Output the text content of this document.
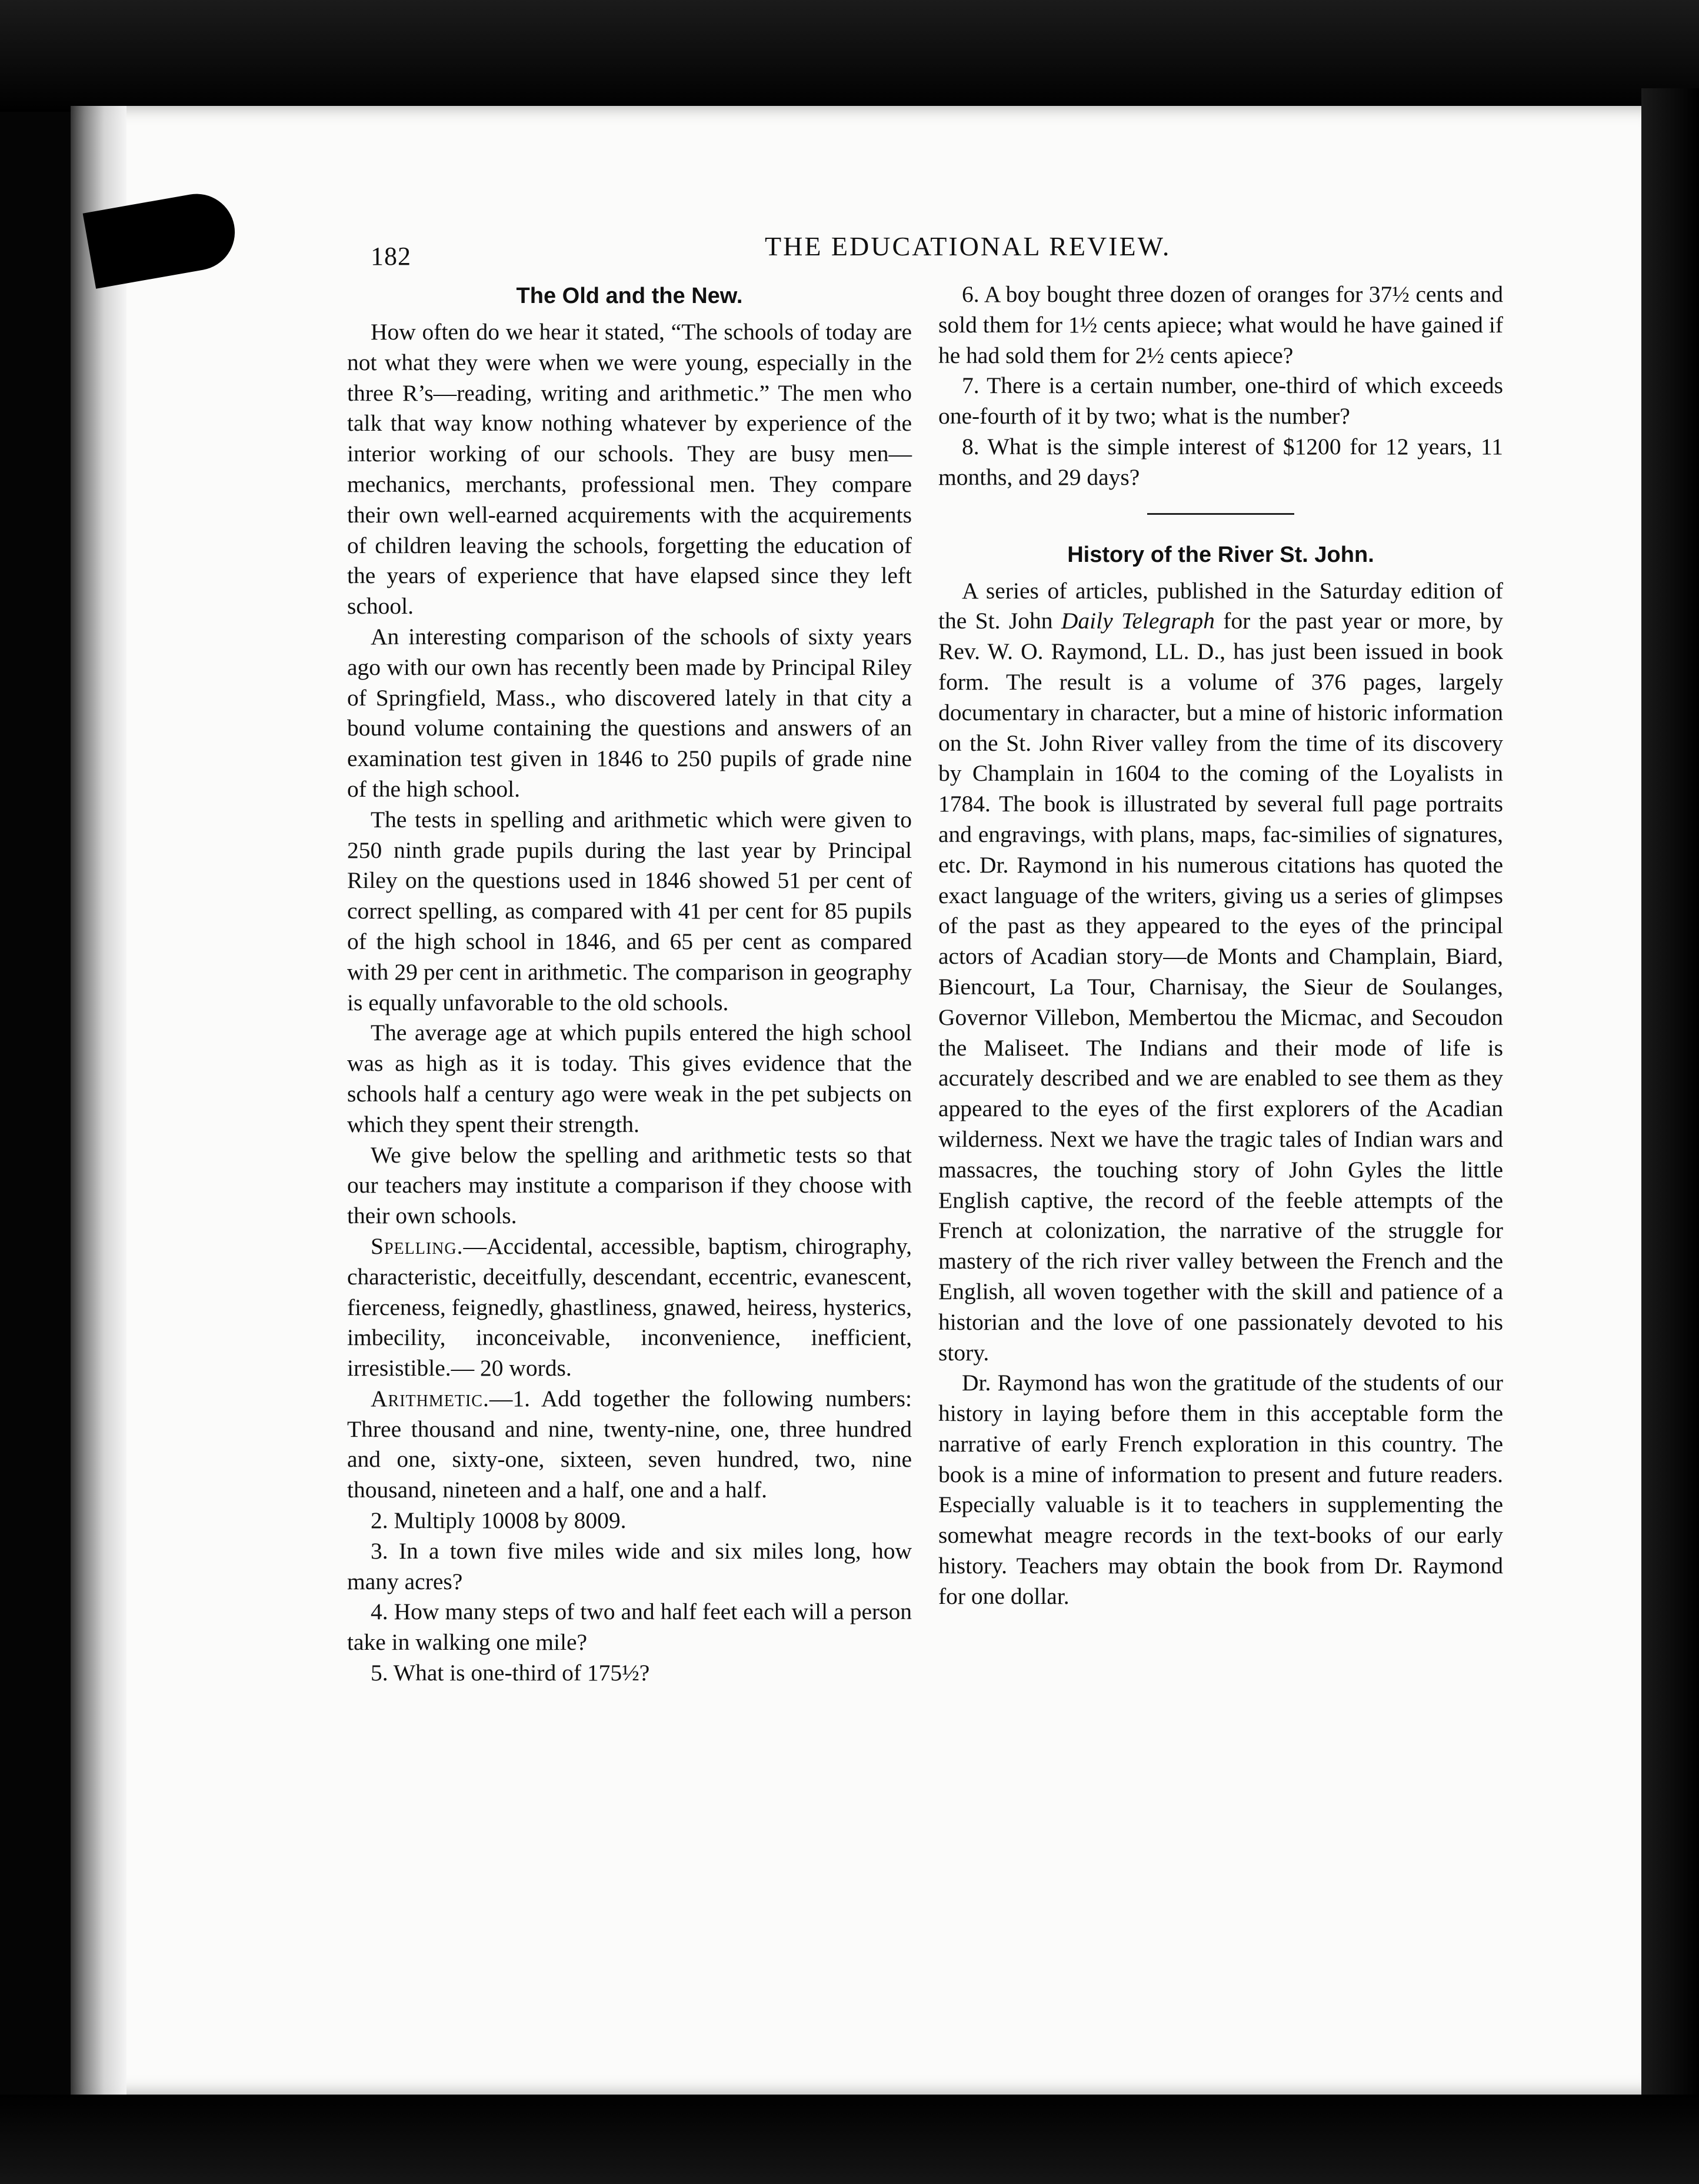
182	THE EDUCATIONAL REVIEW.
The Old and the New.

How often do we hear it stated, “The schools of today are not what they were when we were young, especially in the three R’s—reading, writing and arithmetic.” The men who talk that way know nothing whatever by experience of the interior working of our schools. They are busy men—mechanics, merchants, professional men. They compare their own well-earned acquirements with the acquirements of children leaving the schools, forgetting the education of the years of experience that have elapsed since they left school.

An interesting comparison of the schools of sixty years ago with our own has recently been made by Principal Riley of Springfield, Mass., who discovered lately in that city a bound volume containing the questions and answers of an examination test given in 1846 to 250 pupils of grade nine of the high school.

The tests in spelling and arithmetic which were given to 250 ninth grade pupils during the last year by Principal Riley on the questions used in 1846 showed 51 per cent of correct spelling, as compared with 41 per cent for 85 pupils of the high school in 1846, and 65 per cent as compared with 29 per cent in arithmetic. The comparison in geography is equally unfavorable to the old schools.

The average age at which pupils entered the high school was as high as it is today. This gives evidence that the schools half a century ago were weak in the pet subjects on which they spent their strength.

We give below the spelling and arithmetic tests so that our teachers may institute a comparison if they choose with their own schools.

Spelling.—Accidental, accessible, baptism, chirography, characteristic, deceitfully, descendant, eccentric, evanescent, fierceness, feignedly, ghastliness, gnawed, heiress, hysterics, imbecility, inconceivable, inconvenience, inefficient, irresistible.— 20 words.

Arithmetic.—1. Add together the following numbers: Three thousand and nine, twenty-nine, one, three hundred and one, sixty-one, sixteen, seven hundred, two, nine thousand, nineteen and a half, one and a half.

2. Multiply 10008 by 8009.

3. In a town five miles wide and six miles long, how many acres?

4. How many steps of two and half feet each will a person take in walking one mile?

5. What is one-third of 175½?

6. A boy bought three dozen of oranges for 37½ cents and sold them for 1½ cents apiece; what would he have gained if he had sold them for 2½ cents apiece?

7. There is a certain number, one-third of which exceeds one-fourth of it by two; what is the number?

8. What is the simple interest of $1200 for 12 years, 11 months, and 29 days?

History of the River St. John.

A series of articles, published in the Saturday edition of the St. John Daily Telegraph for the past year or more, by Rev. W. O. Raymond, LL. D., has just been issued in book form. The result is a volume of 376 pages, largely documentary in character, but a mine of historic information on the St. John River valley from the time of its discovery by Champlain in 1604 to the coming of the Loyalists in 1784. The book is illustrated by several full page portraits and engravings, with plans, maps, fac-similies of signatures, etc. Dr. Raymond in his numerous citations has quoted the exact language of the writers, giving us a series of glimpses of the past as they appeared to the eyes of the principal actors of Acadian story—de Monts and Champlain, Biard, Biencourt, La Tour, Charnisay, the Sieur de Soulanges, Governor Villebon, Membertou the Micmac, and Secoudon the Maliseet. The Indians and their mode of life is accurately described and we are enabled to see them as they appeared to the eyes of the first explorers of the Acadian wilderness. Next we have the tragic tales of Indian wars and massacres, the touching story of John Gyles the little English captive, the record of the feeble attempts of the French at colonization, the narrative of the struggle for mastery of the rich river valley between the French and the English, all woven together with the skill and patience of a historian and the love of one passionately devoted to his story.

Dr. Raymond has won the gratitude of the students of our history in laying before them in this acceptable form the narrative of early French exploration in this country. The book is a mine of information to present and future readers. Especially valuable is it to teachers in supplementing the somewhat meagre records in the text-books of our early history. Teachers may obtain the book from Dr. Raymond for one dollar.
